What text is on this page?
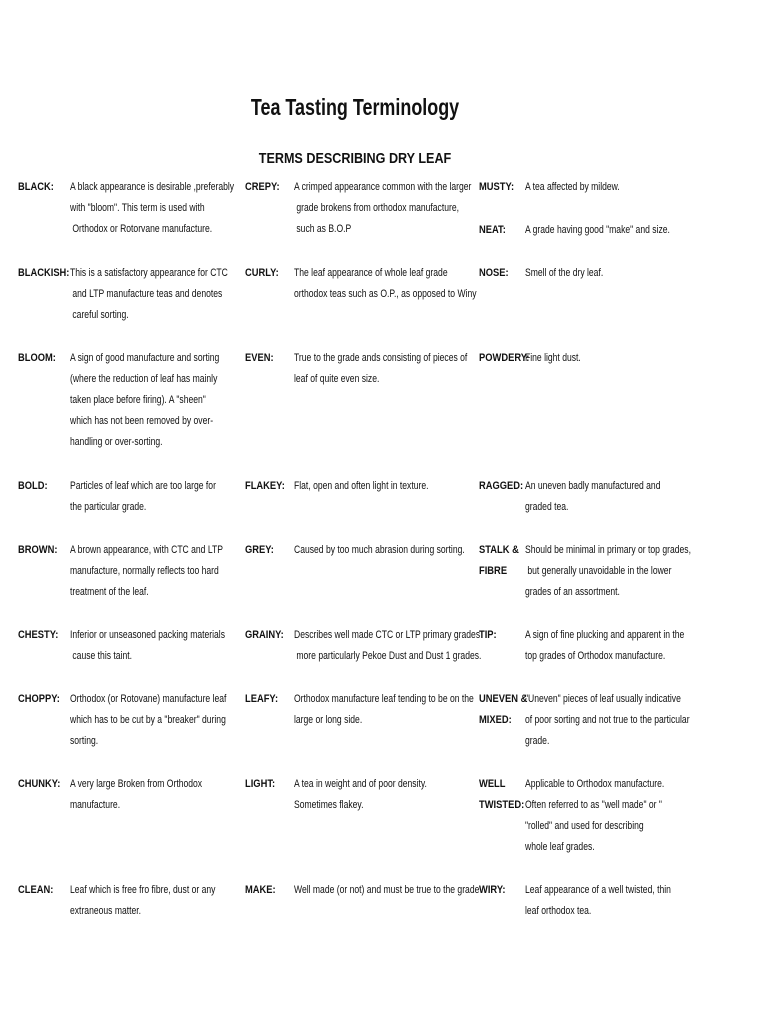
Tea Tasting Terminology
TERMS DESCRIBING DRY LEAF
BLACK: A black appearance is desirable ,preferably
with "bloom". This term is used with
Orthodox or Rotorvane manufacture.
BLACKISH: This is a satisfactory appearance for CTC
and LTP manufacture teas and denotes
careful sorting.
BLOOM: A sign of good manufacture and sorting
(where the reduction of leaf has mainly
taken place before firing). A "sheen"
which has not been removed by over-
handling or over-sorting.
BOLD: Particles of leaf which are too large for
the particular grade.
BROWN: A brown appearance, with CTC and LTP
manufacture, normally reflects too hard
treatment of the leaf.
CHESTY: Inferior or unseasoned packing materials
cause this taint.
CHOPPY: Orthodox (or Rotovane) manufacture leaf
which has to be cut by a "breaker" during
sorting.
CHUNKY: A very large Broken from Orthodox
manufacture.
CLEAN: Leaf which is free fro fibre, dust or any
extraneous matter.
CREPY: A crimped appearance common with the larger
grade brokens from orthodox manufacture,
such as B.O.P
CURLY: The leaf appearance of whole leaf grade
orthodox teas such as O.P., as opposed to Winy
EVEN: True to the grade ands consisting of pieces of
leaf of quite even size.
FLAKEY: Flat, open and often light in texture.
GREY: Caused by too much abrasion during sorting.
GRAINY: Describes well made CTC or LTP primary grades
more particularly Pekoe Dust and Dust 1 grades.
LEAFY: Orthodox manufacture leaf tending to be on the
large or long side.
LIGHT: A tea in weight and of poor density.
Sometimes flakey.
MAKE: Well made (or not) and must be true to the grade
MUSTY: A tea affected by mildew.
NEAT: A grade having good "make" and size.
NOSE: Smell of the dry leaf.
POWDERY:
Fine light dust.
RAGGED: An uneven badly manufactured and
graded tea.
STALK &
FIBRE
Should be minimal in primary or top grades,
but generally unavoidable in the lower
grades of an assortment.
TIP:	A sign of fine plucking and apparent in the
top grades of Orthodox manufacture.
UNEVEN &
MIXED:
"Uneven" pieces of leaf usually indicative
of poor sorting and not true to the particular
grade.
WELL
TWISTED:
Applicable to Orthodox manufacture.
Often referred to as "well made" or "
"rolled" and used for describing
whole leaf grades.
WIRY: Leaf appearance of a well twisted, thin
leaf orthodox tea.
